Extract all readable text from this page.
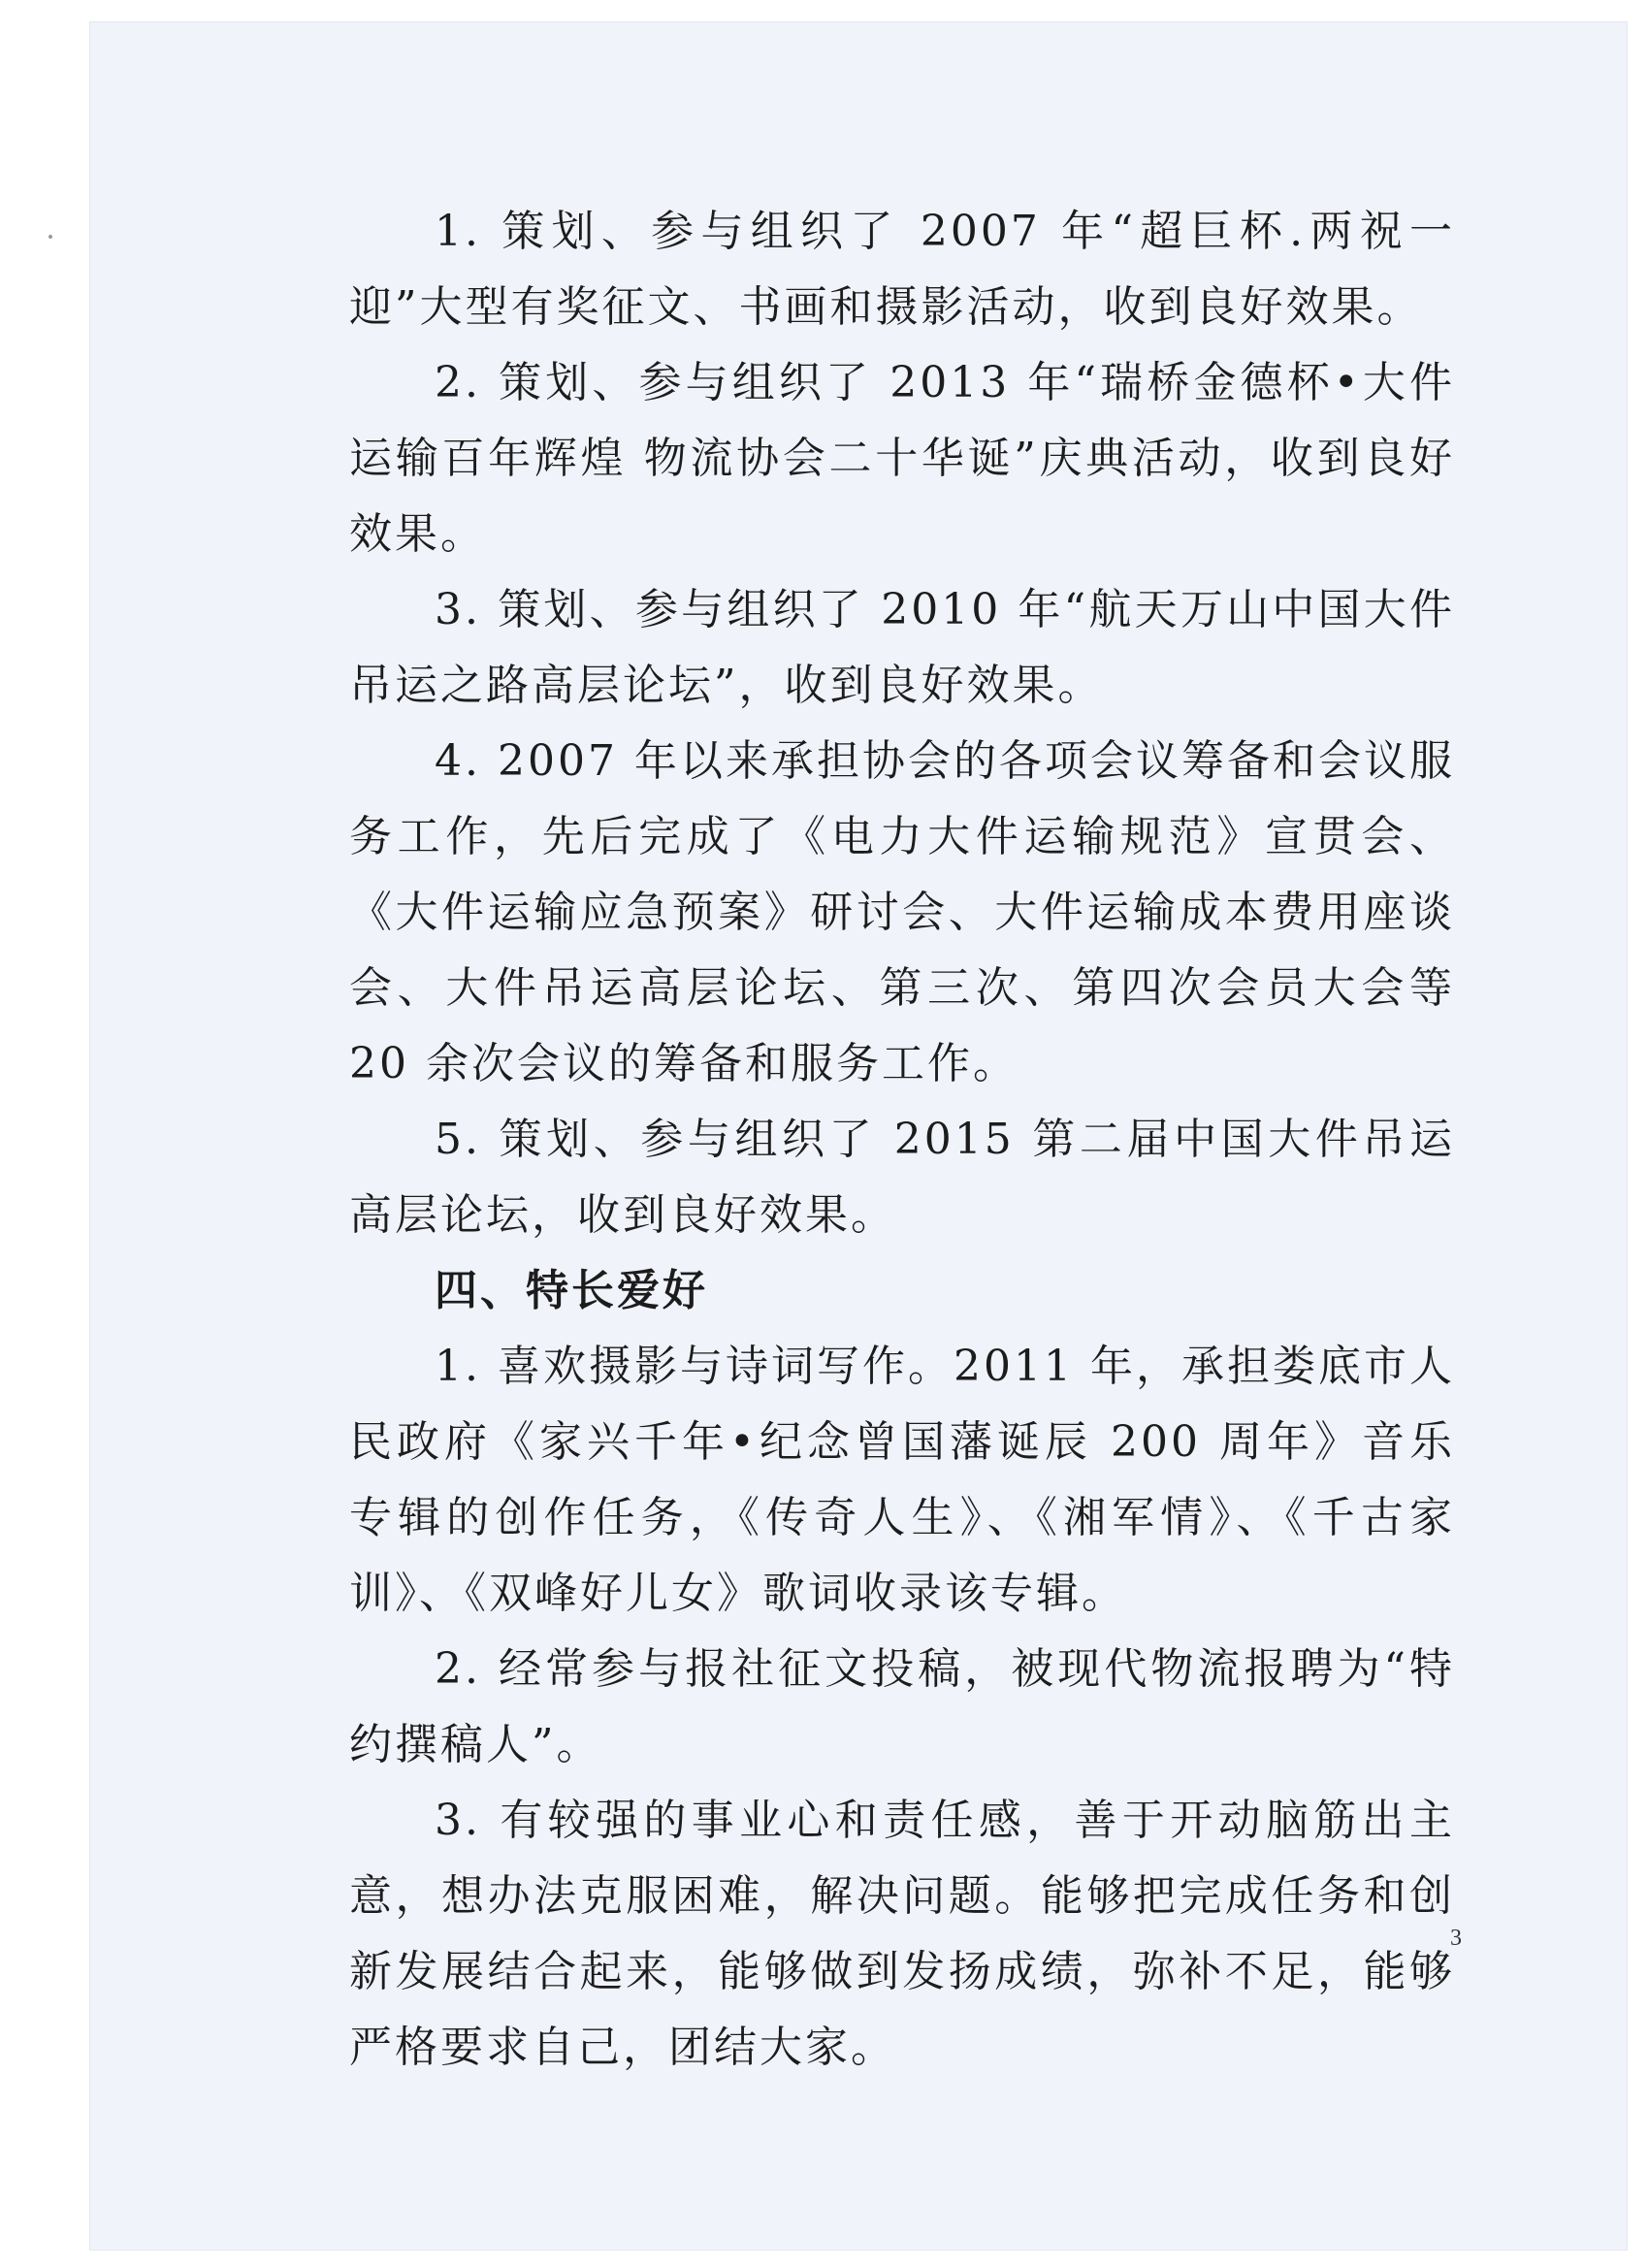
1. 策划、参与组织了 2007 年“超巨杯.两祝一迎”大型有奖征文、书画和摄影活动，收到良好效果。

2. 策划、参与组织了 2013 年“瑞桥金德杯•大件运输百年辉煌 物流协会二十华诞”庆典活动，收到良好效果。

3. 策划、参与组织了 2010 年“航天万山中国大件吊运之路高层论坛”，收到良好效果。

4. 2007 年以来承担协会的各项会议筹备和会议服务工作，先后完成了《电力大件运输规范》宣贯会、《大件运输应急预案》研讨会、大件运输成本费用座谈会、大件吊运高层论坛、第三次、第四次会员大会等 20 余次会议的筹备和服务工作。

5. 策划、参与组织了 2015 第二届中国大件吊运高层论坛，收到良好效果。

四、特长爱好

1. 喜欢摄影与诗词写作。2011 年，承担娄底市人民政府《家兴千年•纪念曾国藩诞辰 200 周年》音乐专辑的创作任务，《传奇人生》、《湘军情》、《千古家训》、《双峰好儿女》歌词收录该专辑。

2. 经常参与报社征文投稿，被现代物流报聘为“特约撰稿人”。

3. 有较强的事业心和责任感，善于开动脑筋出主意，想办法克服困难，解决问题。能够把完成任务和创新发展结合起来，能够做到发扬成绩，弥补不足，能够严格要求自己，团结大家。

3
